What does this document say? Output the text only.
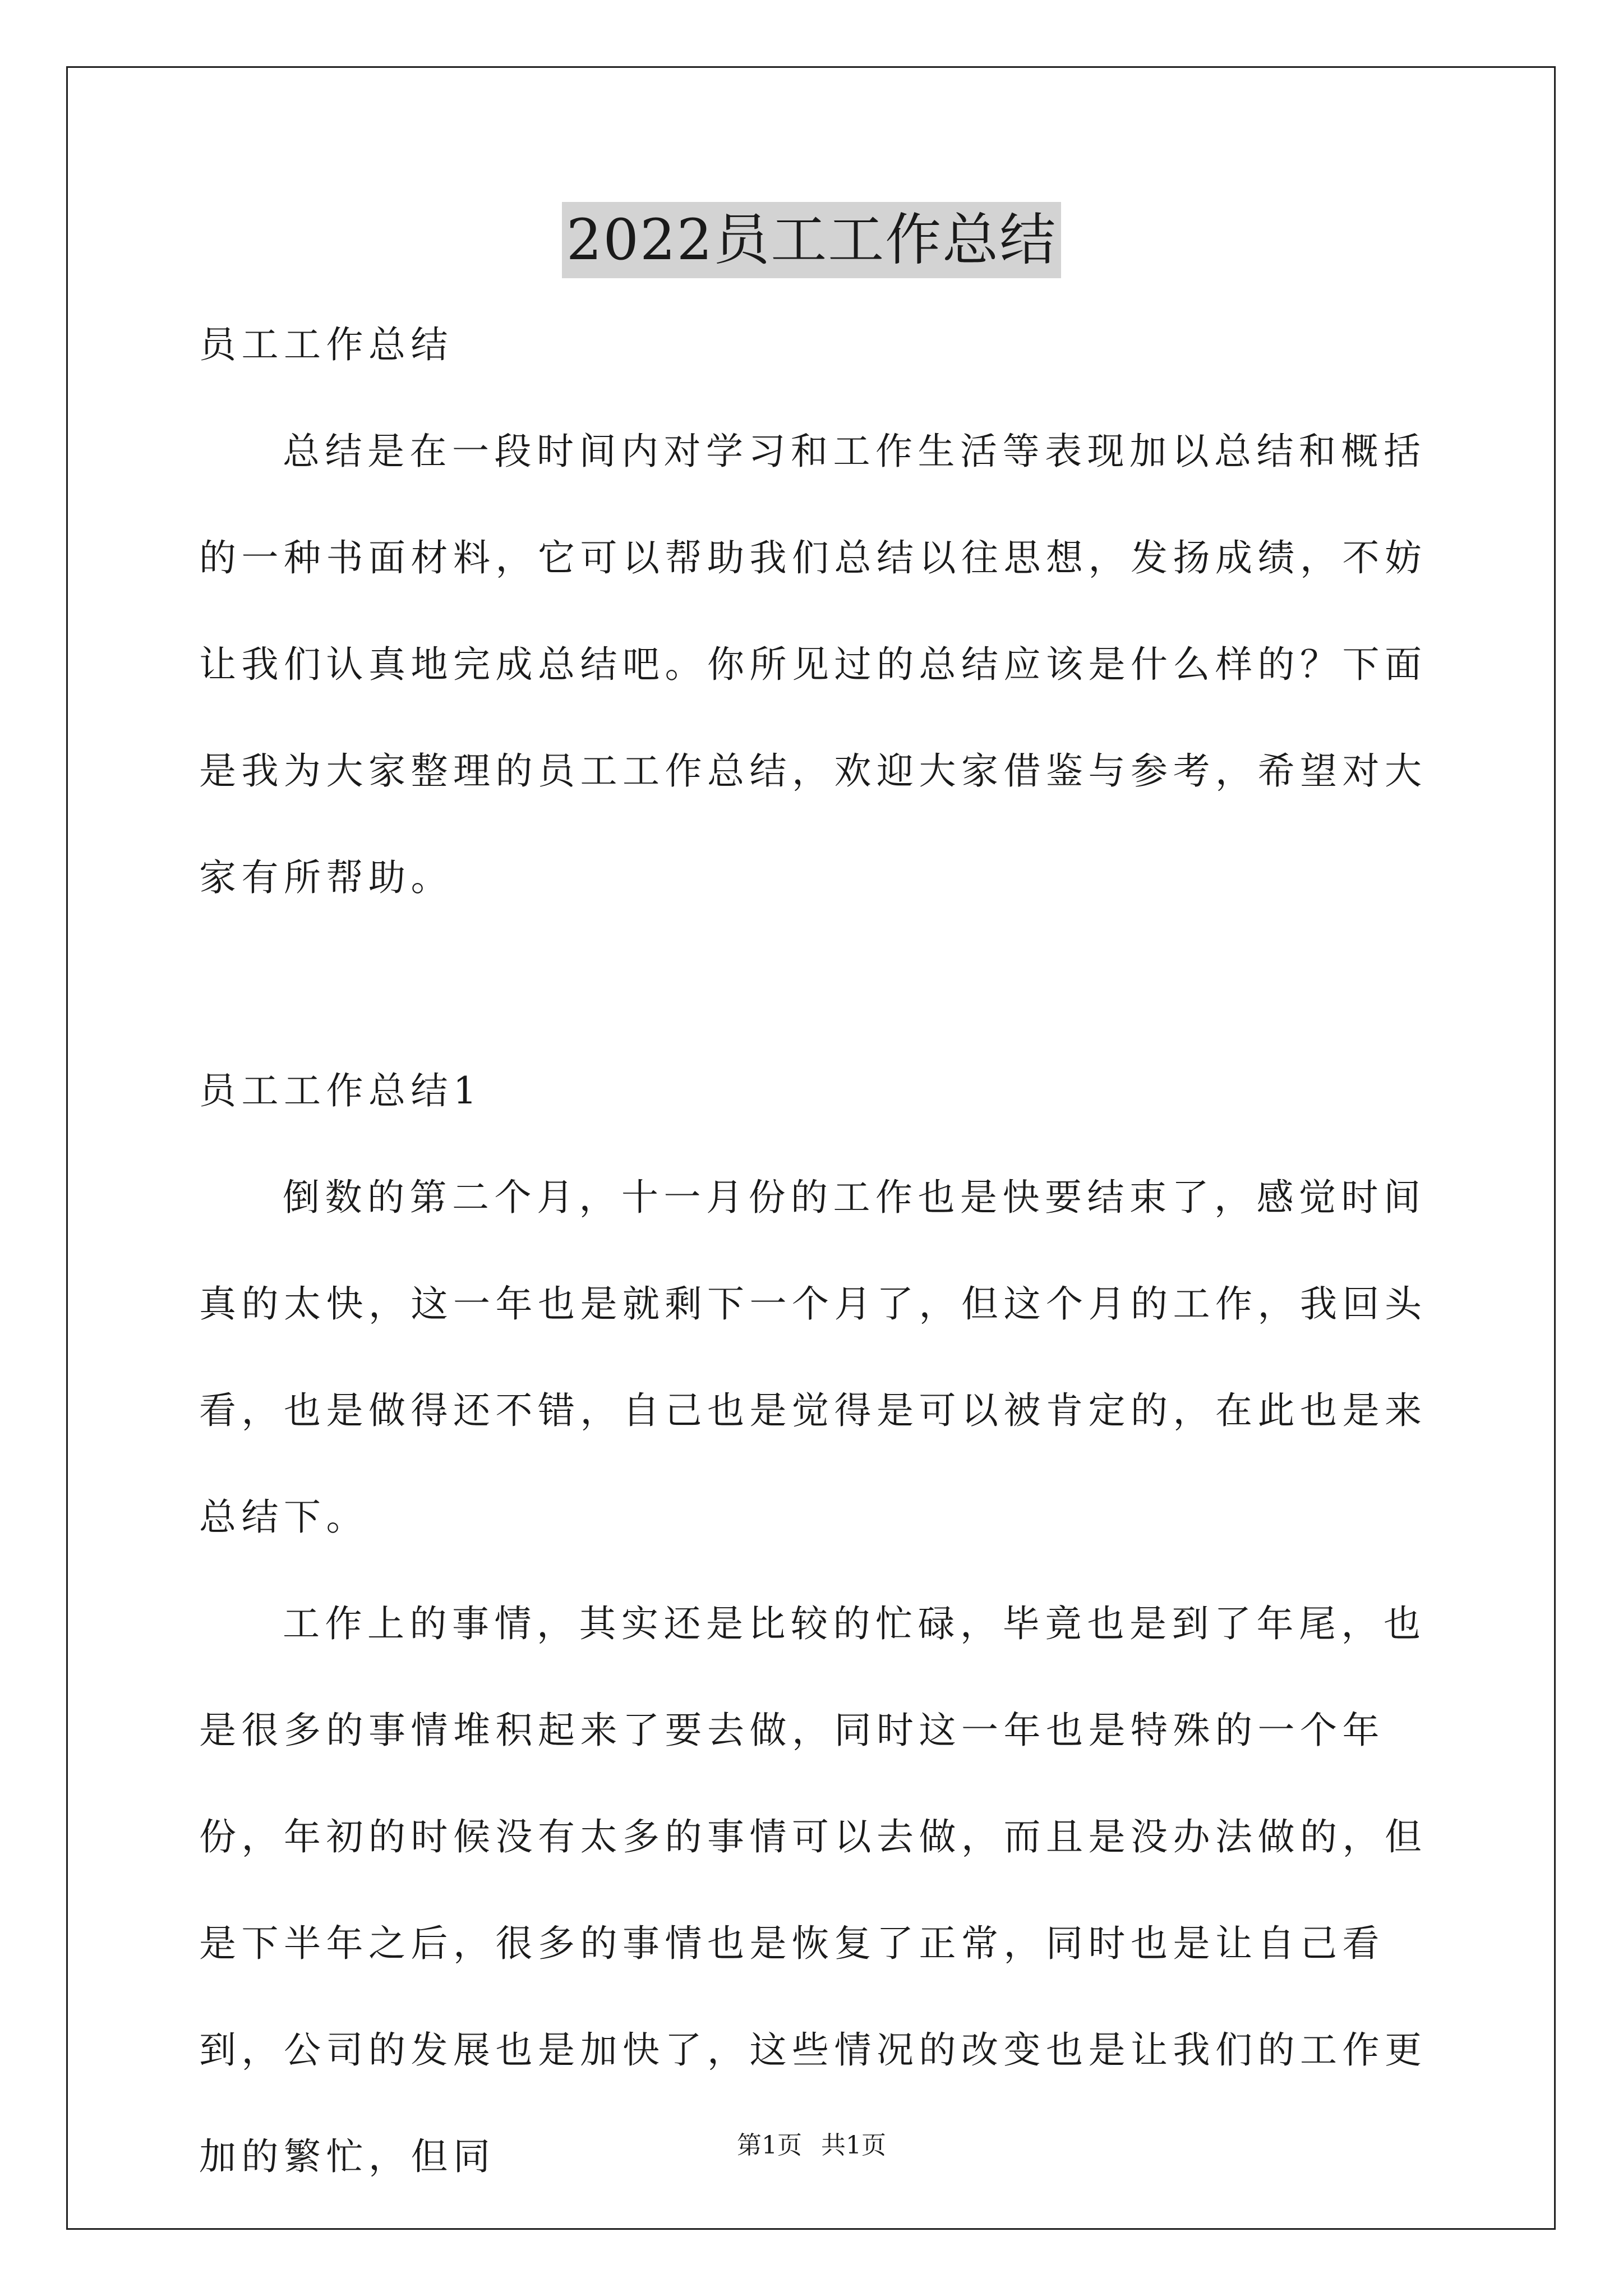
2022员工工作总结

员工工作总结

总结是在一段时间内对学习和工作生活等表现加以总结和概括的一种书面材料，它可以帮助我们总结以往思想，发扬成绩，不妨让我们认真地完成总结吧。你所见过的总结应该是什么样的？下面是我为大家整理的员工工作总结，欢迎大家借鉴与参考，希望对大家有所帮助。

员工工作总结1

倒数的第二个月，十一月份的工作也是快要结束了，感觉时间真的太快，这一年也是就剩下一个月了，但这个月的工作，我回头看，也是做得还不错，自己也是觉得是可以被肯定的，在此也是来总结下。

工作上的事情，其实还是比较的忙碌，毕竟也是到了年尾，也是很多的事情堆积起来了要去做，同时这一年也是特殊的一个年份，年初的时候没有太多的事情可以去做，而且是没办法做的，但是下半年之后，很多的事情也是恢复了正常，同时也是让自己看到，公司的发展也是加快了，这些情况的改变也是让我们的工作更加的繁忙，但同	第1页 共1页
